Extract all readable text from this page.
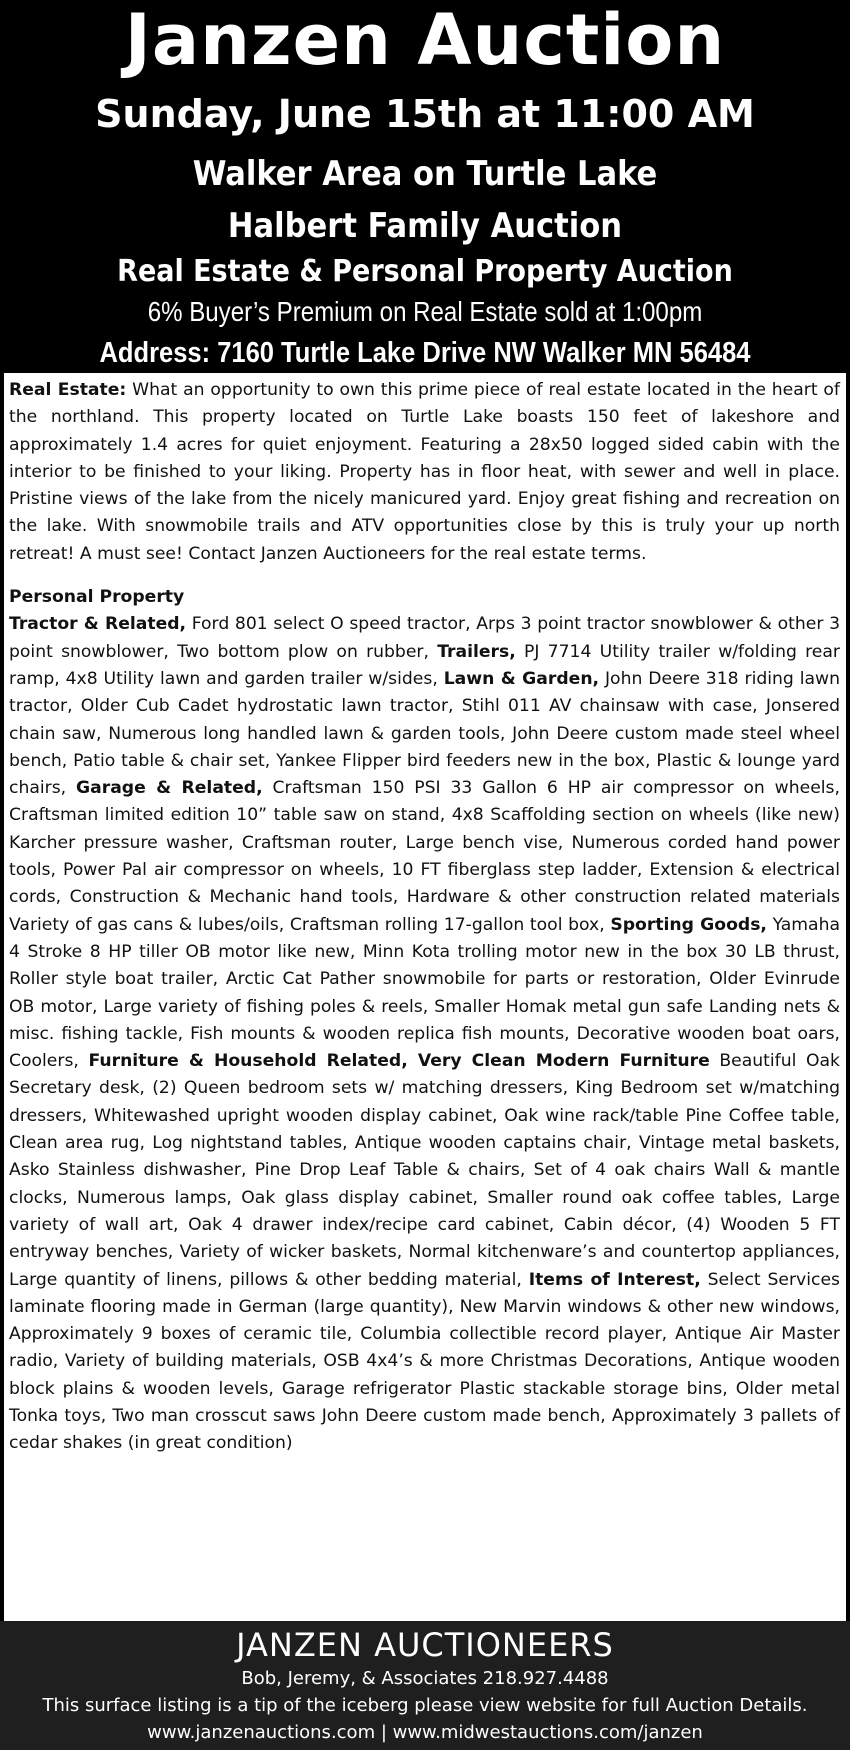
Janzen Auction
Sunday, June 15th at 11:00 AM
Walker Area on Turtle Lake
Halbert Family Auction
Real Estate & Personal Property Auction
6% Buyer’s Premium on Real Estate sold at 1:00pm
Address: 7160 Turtle Lake Drive NW Walker MN 56484

Real Estate: What an opportunity to own this prime piece of real estate located in the heart of the northland. This property located on Turtle Lake boasts 150 feet of lakeshore and approximately 1.4 acres for quiet enjoyment. Featuring a 28x50 logged sided cabin with the interior to be finished to your liking. Property has in floor heat, with sewer and well in place. Pristine views of the lake from the nicely manicured yard. Enjoy great fishing and recreation on the lake. With snowmobile trails and ATV opportunities close by this is truly your up north retreat! A must see! Contact Janzen Auctioneers for the real estate terms.

Personal Property

Tractor & Related, Ford 801 select O speed tractor, Arps 3 point tractor snowblower & other 3 point snowblower, Two bottom plow on rubber, Trailers, PJ 7714 Utility trailer w/folding rear ramp, 4x8 Utility lawn and garden trailer w/sides, Lawn & Garden, John Deere 318 riding lawn tractor, Older Cub Cadet hydrostatic lawn tractor, Stihl 011 AV chainsaw with case, Jonsered chain saw, Numerous long handled lawn & garden tools, John Deere custom made steel wheel bench, Patio table & chair set, Yankee Flipper bird feeders new in the box, Plastic & lounge yard chairs, Garage & Related, Craftsman 150 PSI 33 Gallon 6 HP air compressor on wheels, Craftsman limited edition 10” table saw on stand, 4x8 Scaffolding section on wheels (like new) Karcher pressure washer, Craftsman router, Large bench vise, Numerous corded hand power tools, Power Pal air compressor on wheels, 10 FT fiberglass step ladder, Extension & electrical cords, Construction & Mechanic hand tools, Hardware & other construction related materials Variety of gas cans & lubes/oils, Craftsman rolling 17-gallon tool box, Sporting Goods, Yamaha 4 Stroke 8 HP tiller OB motor like new, Minn Kota trolling motor new in the box 30 LB thrust, Roller style boat trailer, Arctic Cat Pather snowmobile for parts or restoration, Older Evinrude OB motor, Large variety of fishing poles & reels, Smaller Homak metal gun safe Landing nets & misc. fishing tackle, Fish mounts & wooden replica fish mounts, Decorative wooden boat oars, Coolers, Furniture & Household Related, Very Clean Modern Furniture Beautiful Oak Secretary desk, (2) Queen bedroom sets w/ matching dressers, King Bedroom set w/matching dressers, Whitewashed upright wooden display cabinet, Oak wine rack/table Pine Coffee table, Clean area rug, Log nightstand tables, Antique wooden captains chair, Vintage metal baskets, Asko Stainless dishwasher, Pine Drop Leaf Table & chairs, Set of 4 oak chairs Wall & mantle clocks, Numerous lamps, Oak glass display cabinet, Smaller round oak coffee tables, Large variety of wall art, Oak 4 drawer index/recipe card cabinet, Cabin décor, (4) Wooden 5 FT entryway benches, Variety of wicker baskets, Normal kitchenware’s and countertop appliances, Large quantity of linens, pillows & other bedding material, Items of Interest, Select Services laminate flooring made in German (large quantity), New Marvin windows & other new windows, Approximately 9 boxes of ceramic tile, Columbia collectible record player, Antique Air Master radio, Variety of building materials, OSB 4x4’s & more Christmas Decorations, Antique wooden block plains & wooden levels, Garage refrigerator Plastic stackable storage bins, Older metal Tonka toys, Two man crosscut saws John Deere custom made bench, Approximately 3 pallets of cedar shakes (in great condition)

JANZEN AUCTIONEERS
Bob, Jeremy, & Associates 218.927.4488
This surface listing is a tip of the iceberg please view website for full Auction Details.
www.janzenauctions.com | www.midwestauctions.com/janzen
